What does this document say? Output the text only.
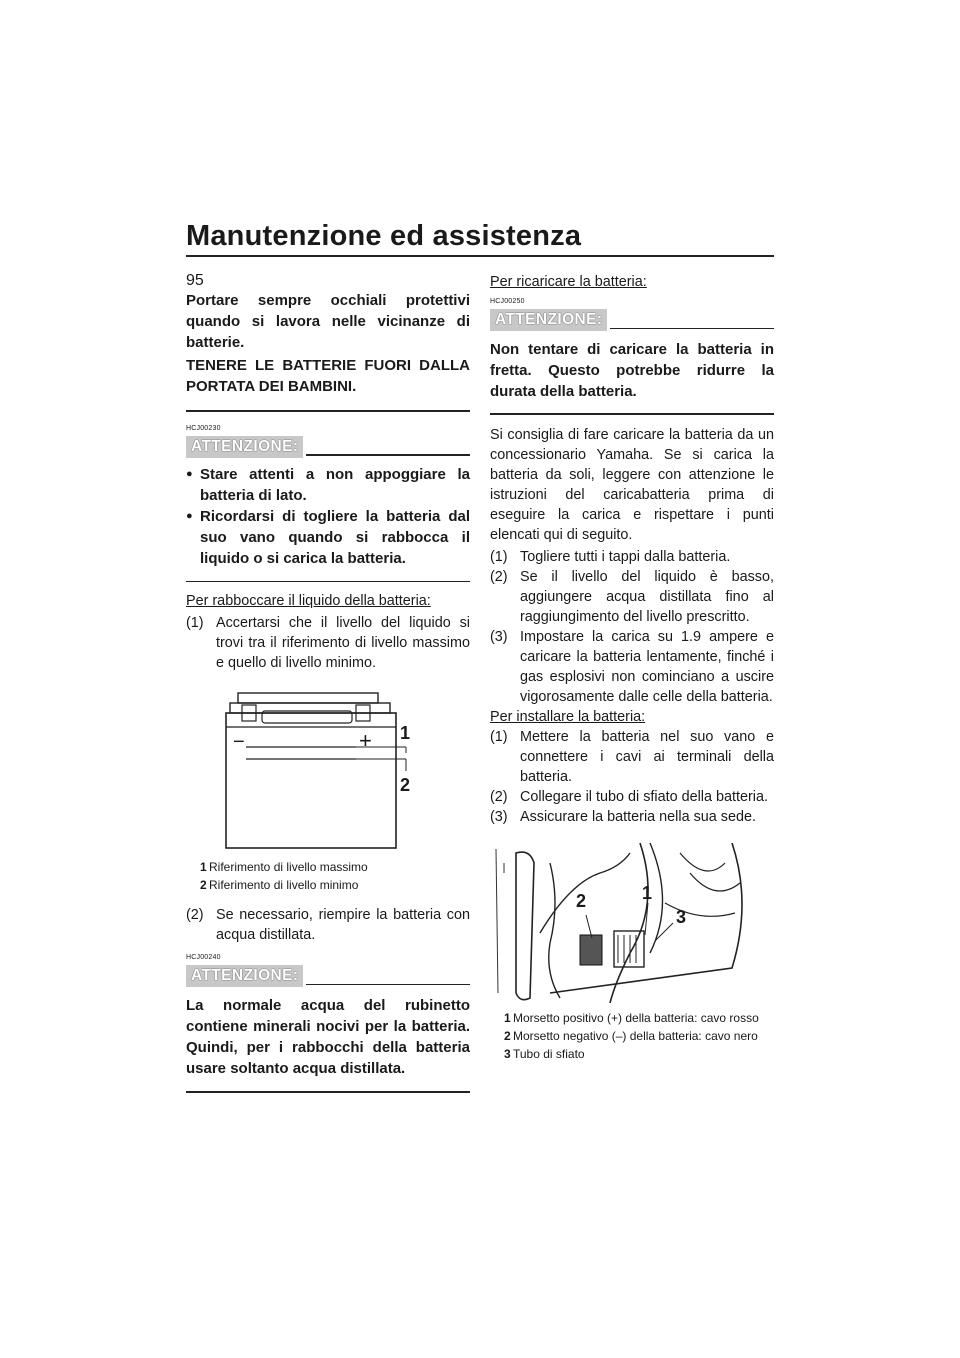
Manutenzione ed assistenza
95

Portare sempre occhiali protettivi quando si lavora nelle vicinanze di batterie.

TENERE LE BATTERIE FUORI DALLA PORTATA DEI BAMBINI.

HCJ00230
ATTENZIONE:
● Stare attenti a non appoggiare la batteria di lato.
● Ricordarsi di togliere la batteria dal suo vano quando si rabbocca il liquido o si carica la batteria.

Per rabboccare il liquido della batteria:

(1) Accertarsi che il livello del liquido si trovi tra il riferimento di livello massimo e quello di livello minimo.
−	+ 1
2
1 Riferimento di livello massimo
2 Riferimento di livello minimo
(2) Se necessario, riempire la batteria con acqua distillata.
HCJ00240
ATTENZIONE:

La normale acqua del rubinetto contiene minerali nocivi per la batteria. Quindi, per i rabbocchi della batteria usare soltanto acqua distillata.

Per ricaricare la batteria:

HCJ00250
ATTENZIONE:

Non tentare di caricare la batteria in fretta. Questo potrebbe ridurre la durata della batteria.

Si consiglia di fare caricare la batteria da un concessionario Yamaha. Se si carica la batteria da soli, leggere con attenzione le istruzioni del caricabatteria prima di eseguire la carica e rispettare i punti elencati qui di seguito.

(1) Togliere tutti i tappi dalla batteria.
(2) Se il livello del liquido è basso, aggiungere acqua distillata fino al raggiungimento del livello prescritto.
(3) Impostare la carica su 1.9 ampere e caricare la batteria lentamente, finché i gas esplosivi non cominciano a uscire vigorosamente dalle celle della batteria.

Per installare la batteria:

(1) Mettere la batteria nel suo vano e connettere i cavi ai terminali della batteria.
(2) Collegare il tubo di sfiato della batteria.
(3) Assicurare la batteria nella sua sede.
1
2
3
1 Morsetto positivo (+) della batteria: cavo rosso
2 Morsetto negativo (–) della batteria: cavo nero
3 Tubo di sfiato
